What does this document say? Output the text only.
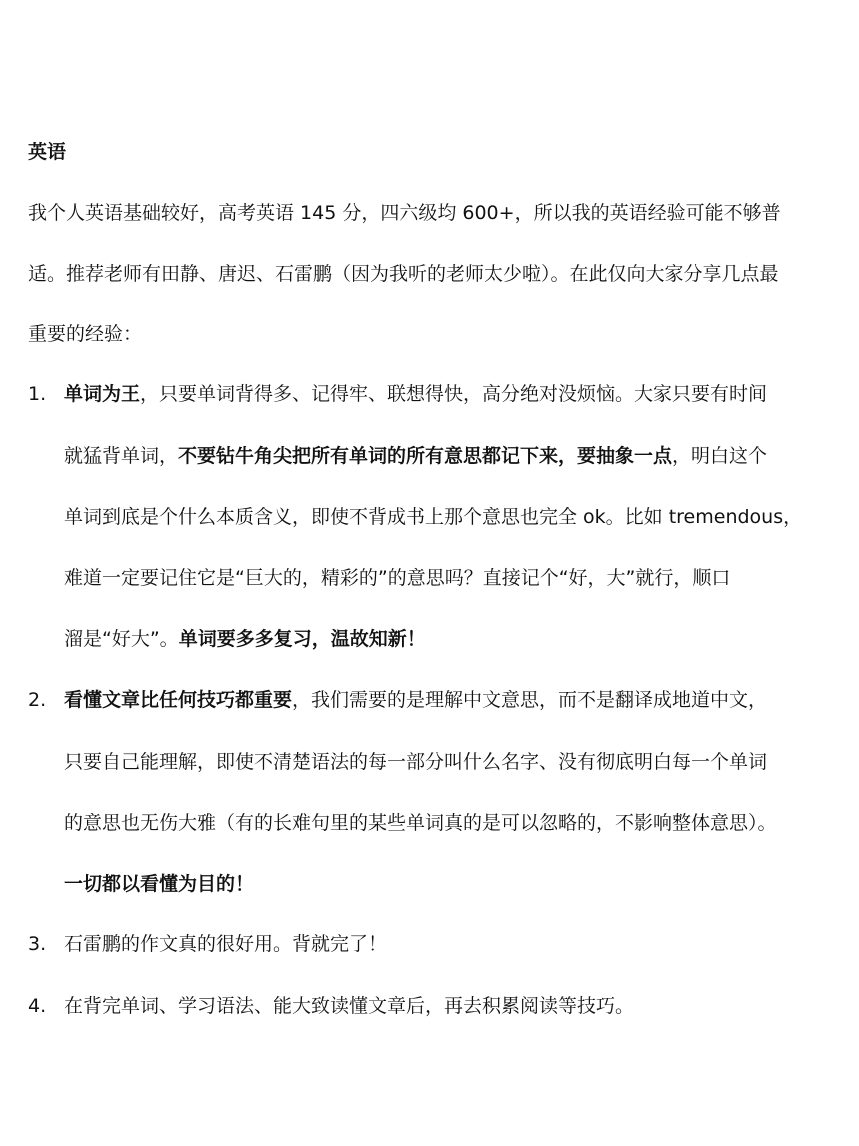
英语
我个人英语基础较好，高考英语 145 分，四六级均 600+，所以我的英语经验可能不够普
适。推荐老师有田静、唐迟、石雷鹏（因为我听的老师太少啦）。在此仅向大家分享几点最
重要的经验：
1. 单词为王，只要单词背得多、记得牢、联想得快，高分绝对没烦恼。大家只要有时间
就猛背单词，不要钻牛角尖把所有单词的所有意思都记下来，要抽象一点，明白这个
单词到底是个什么本质含义，即使不背成书上那个意思也完全 ok。比如 tremendous，
难道一定要记住它是“巨大的，精彩的”的意思吗？直接记个“好，大”就行，顺口
溜是“好大”。单词要多多复习，温故知新！
2. 看懂文章比任何技巧都重要，我们需要的是理解中文意思，而不是翻译成地道中文，
只要自己能理解，即使不清楚语法的每一部分叫什么名字、没有彻底明白每一个单词
的意思也无伤大雅（有的长难句里的某些单词真的是可以忽略的，不影响整体意思）。
一切都以看懂为目的！
3. 石雷鹏的作文真的很好用。背就完了！
4. 在背完单词、学习语法、能大致读懂文章后，再去积累阅读等技巧。
